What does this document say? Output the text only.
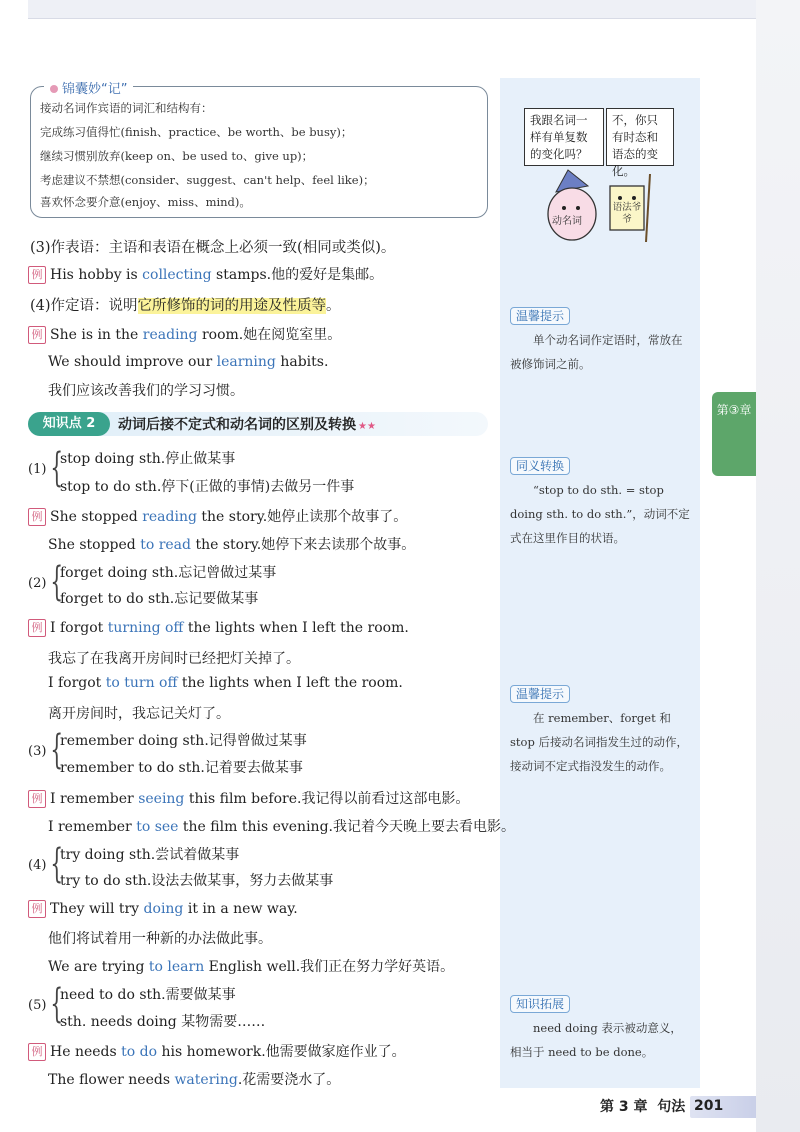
第③章
锦囊妙“记”
接动名词作宾语的词汇和结构有：
完成练习值得忙(finish、practice、be worth、be busy)；
继续习惯别放弃(keep on、be used to、give up)；
考虑建议不禁想(consider、suggest、can't help、feel like)；
喜欢怀念要介意(enjoy、miss、mind)。
(3)作表语：主语和表语在概念上必须一致(相同或类似)。
例 His hobby is collecting stamps.他的爱好是集邮。
(4)作定语：说明它所修饰的词的用途及性质等。
例 She is in the reading room.她在阅览室里。
We should improve our learning habits.
我们应该改善我们的学习习惯。
知识点 2	动词后接不定式和动名词的区别及转换 ★★
(1) {
stop doing sth.停止做某事
stop to do sth.停下(正做的事情)去做另一件事
例 She stopped reading the story.她停止读那个故事了。
She stopped to read the story.她停下来去读那个故事。
(2) {
forget doing sth.忘记曾做过某事
forget to do sth.忘记要做某事
例 I forgot turning off the lights when I left the room.
我忘了在我离开房间时已经把灯关掉了。
I forgot to turn off the lights when I left the room.
离开房间时，我忘记关灯了。
(3) {
remember doing sth.记得曾做过某事
remember to do sth.记着要去做某事
例 I remember seeing this film before.我记得以前看过这部电影。
I remember to see the film this evening.我记着今天晚上要去看电影。
(4) {
try doing sth.尝试着做某事
try to do sth.设法去做某事，努力去做某事
例 They will try doing it in a new way.
他们将试着用一种新的办法做此事。
We are trying to learn English well.我们正在努力学好英语。
(5) {
need to do sth.需要做某事
sth. needs doing 某物需要……
例 He needs to do his homework.他需要做家庭作业了。
The flower needs watering.花需要浇水了。
我跟名词一样有单复数的变化吗？
不，你只有时态和语态的变化。
动名词
语法爷爷
温馨提示
单个动名词作定语时，常放在被修饰词之前。
同义转换
“stop to do sth. = stop doing sth. to do sth.”，动词不定式在这里作目的状语。
温馨提示
在 remember、forget 和 stop 后接动名词指发生过的动作，接动词不定式指没发生的动作。
知识拓展
need doing 表示被动意义，相当于 need to be done。
第 3 章 句法 201
